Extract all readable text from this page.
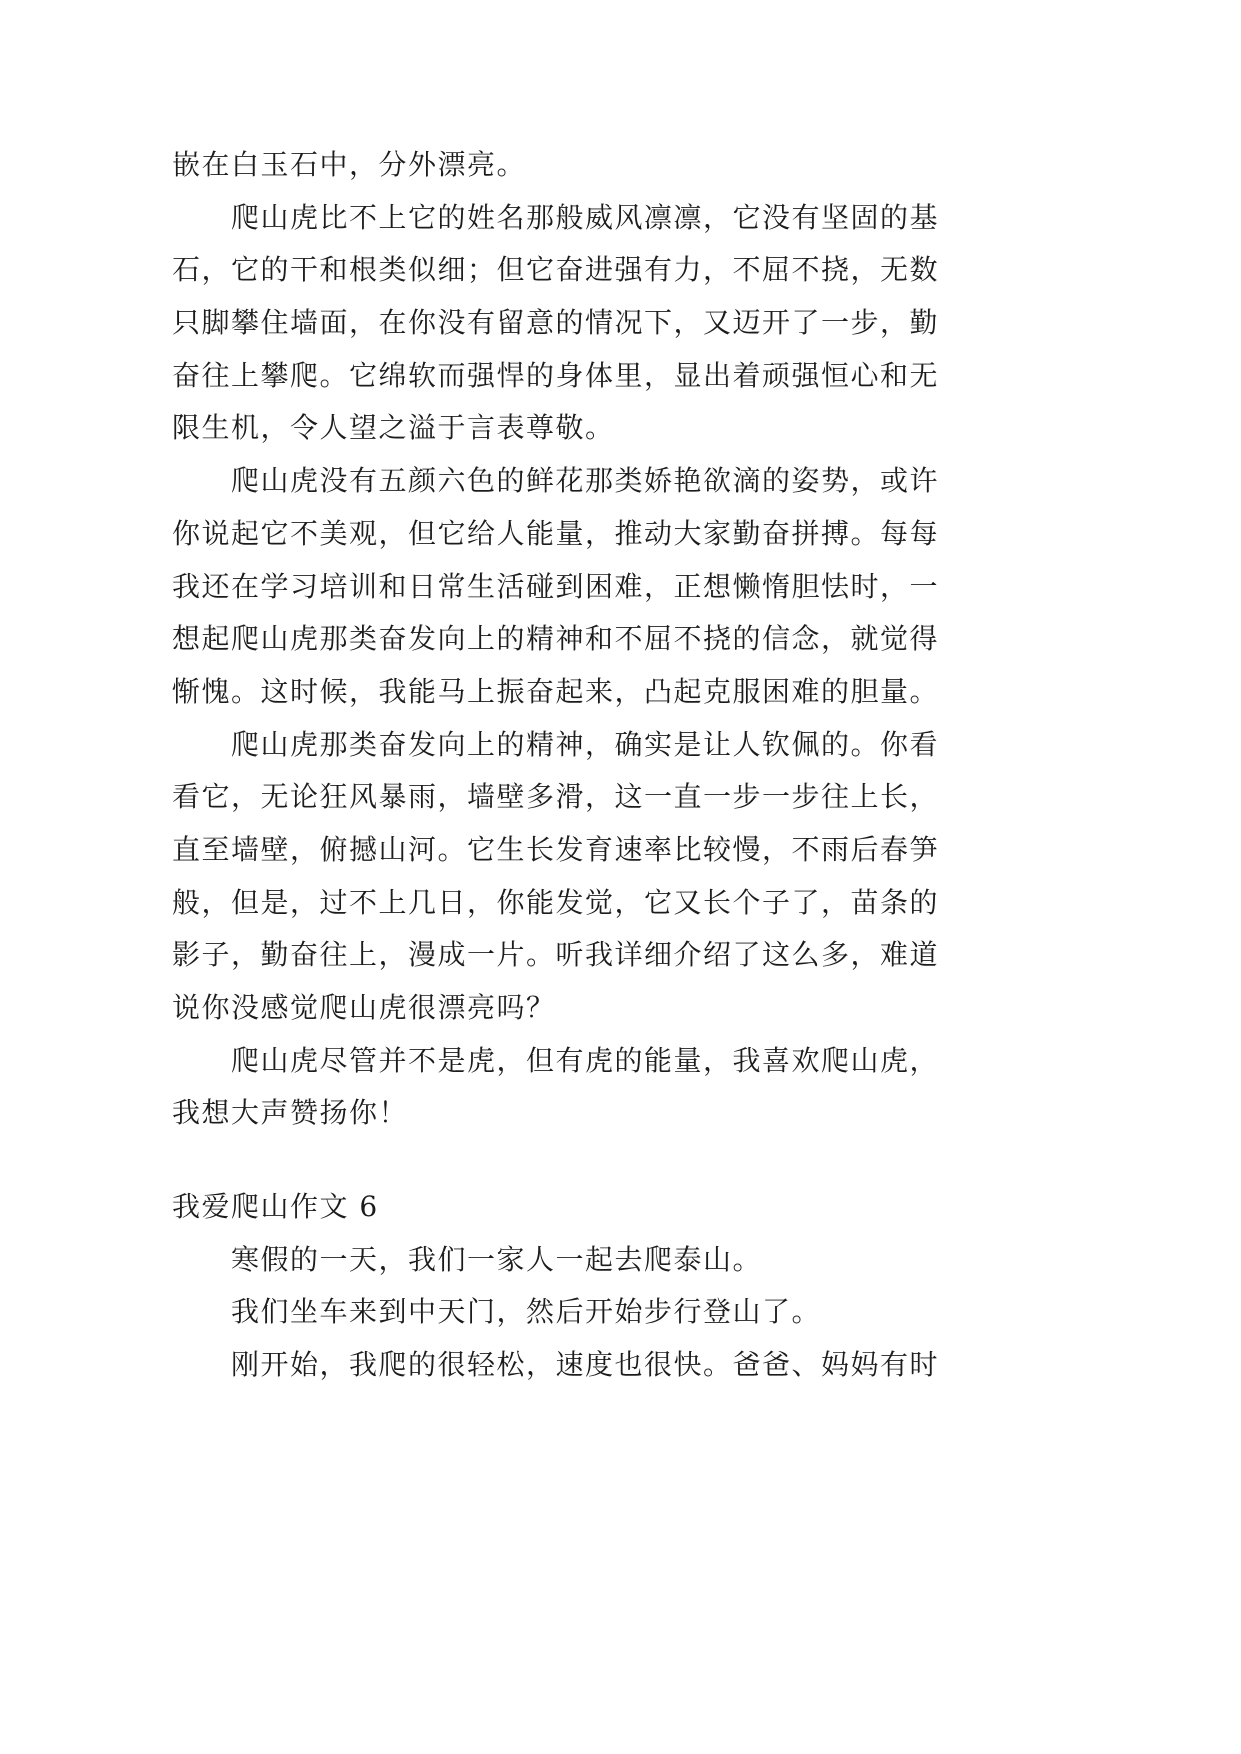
嵌在白玉石中，分外漂亮。
爬山虎比不上它的姓名那般威风凛凛，它没有坚固的基
石，它的干和根类似细；但它奋进强有力，不屈不挠，无数
只脚攀住墙面，在你没有留意的情况下，又迈开了一步，勤
奋往上攀爬。它绵软而强悍的身体里，显出着顽强恒心和无
限生机，令人望之溢于言表尊敬。
爬山虎没有五颜六色的鲜花那类娇艳欲滴的姿势，或许
你说起它不美观，但它给人能量，推动大家勤奋拼搏。每每
我还在学习培训和日常生活碰到困难，正想懒惰胆怯时，一
想起爬山虎那类奋发向上的精神和不屈不挠的信念，就觉得
惭愧。这时候，我能马上振奋起来，凸起克服困难的胆量。
爬山虎那类奋发向上的精神，确实是让人钦佩的。你看
看它，无论狂风暴雨，墙壁多滑，这一直一步一步往上长，
直至墙壁，俯撼山河。它生长发育速率比较慢，不雨后春笋
般，但是，过不上几日，你能发觉，它又长个子了，苗条的
影子，勤奋往上，漫成一片。听我详细介绍了这么多，难道
说你没感觉爬山虎很漂亮吗？
爬山虎尽管并不是虎，但有虎的能量，我喜欢爬山虎，
我想大声赞扬你！
我爱爬山作文 6
寒假的一天，我们一家人一起去爬泰山。
我们坐车来到中天门，然后开始步行登山了。
刚开始，我爬的很轻松，速度也很快。爸爸、妈妈有时
